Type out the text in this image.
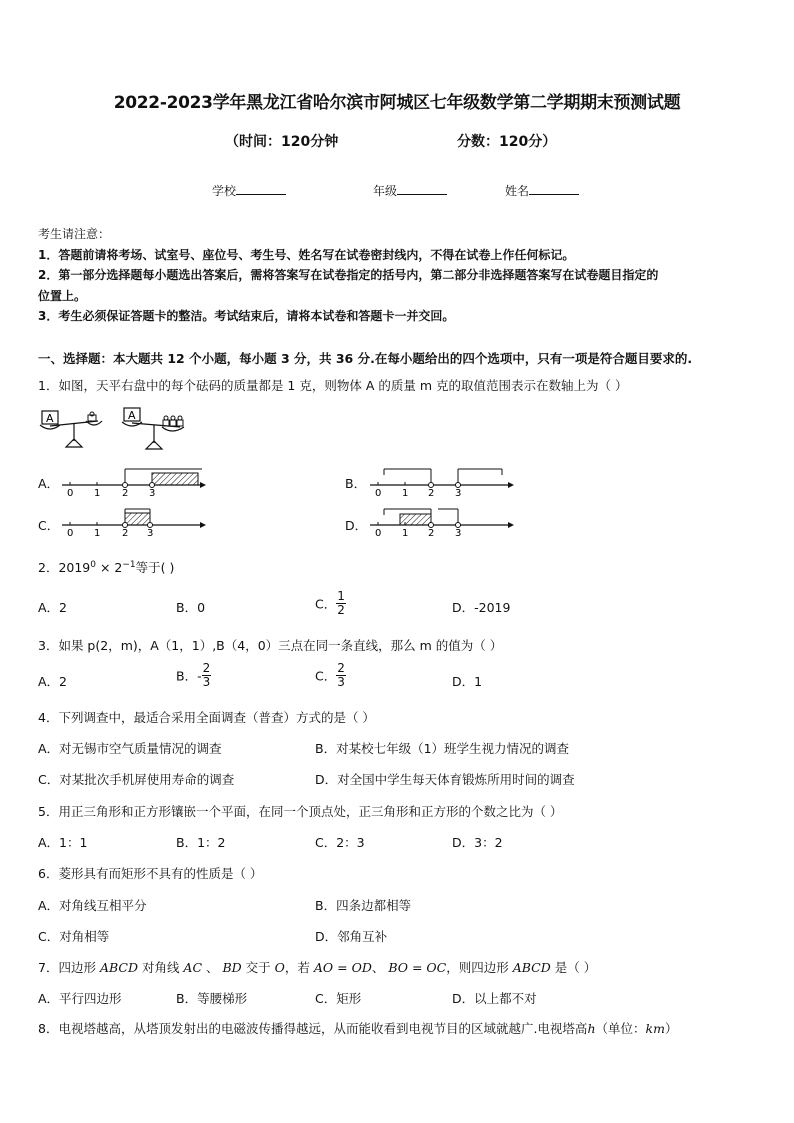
2022-2023学年黑龙江省哈尔滨市阿城区七年级数学第二学期期末预测试题
（时间：120分钟	分数：120分）
学校	年级	姓名
考生请注意：
1．答题前请将考场、试室号、座位号、考生号、姓名写在试卷密封线内，不得在试卷上作任何标记。
2．第一部分选择题每小题选出答案后，需将答案写在试卷指定的括号内，第二部分非选择题答案写在试卷题目指定的
位置上。
3．考生必须保证答题卡的整洁。考试结束后，请将本试卷和答题卡一并交回。
一、选择题：本大题共 12 个小题，每小题 3 分，共 36 分.在每小题给出的四个选项中，只有一项是符合题目要求的.
1．如图，天平右盘中的每个砝码的质量都是 1 克，则物体 A 的质量 m 克的取值范围表示在数轴上为（ ）
A	A
A．
0 1 2 3
B．
0 1 2 3
C．
0 1 2 3
D．
0 1 2 3
2．$2019^0 \times 2^{-1}$等于( )
A．2	B．0	C． $\frac{1}{2}$	D．-2019
3．如果 p(2，m)，A（1，1）,B（4，0）三点在同一条直线，那么 m 的值为（ ）
A．2	B．- $\frac{2}{3}$	C． $\frac{2}{3}$	D．1
4．下列调查中，最适合采用全面调查（普查）方式的是（ ）
A．对无锡市空气质量情况的调查	B．对某校七年级（1）班学生视力情况的调查
C．对某批次手机屏使用寿命的调查	D．对全国中学生每天体育锻炼所用时间的调查
5．用正三角形和正方形镶嵌一个平面，在同一个顶点处，正三角形和正方形的个数之比为（ ）
A．1：1	B．1：2	C．2：3	D．3：2
6．菱形具有而矩形不具有的性质是（ ）
A．对角线互相平分	B．四条边都相等
C．对角相等	D．邻角互补
7．四边形 ABCD 对角线 AC 、 BD 交于 O，若 AO = OD、 BO = OC，则四边形 ABCD 是（ ）
A．平行四边形	B．等腰梯形	C．矩形	D．以上都不对
8．电视塔越高，从塔顶发射出的电磁波传播得越远，从而能收看到电视节目的区域就越广.电视塔高h（单位：km）
